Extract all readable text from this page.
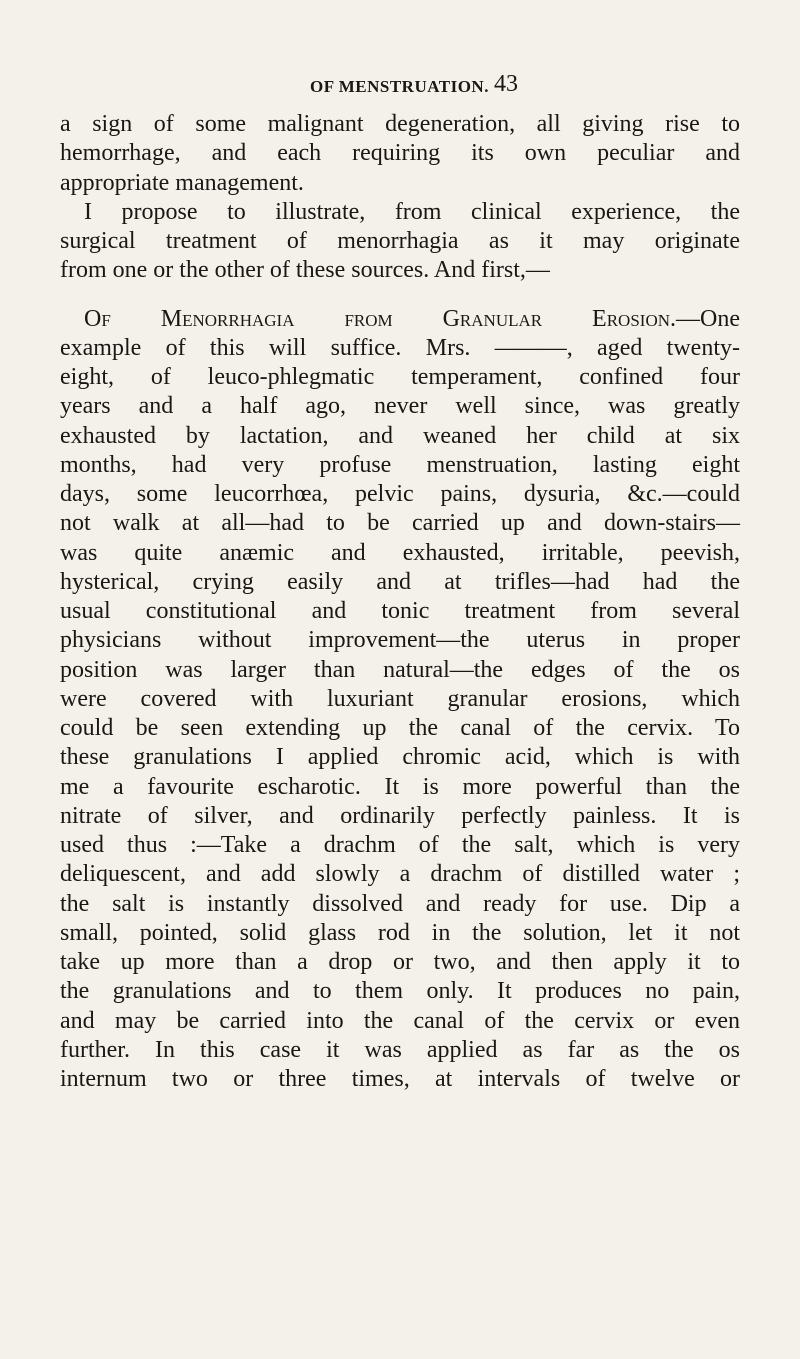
OF MENSTRUATION. 43
a sign of some malignant degeneration, all giving rise to
hemorrhage, and each requiring its own peculiar and
appropriate management.
I propose to illustrate, from clinical experience, the
surgical treatment of menorrhagia as it may originate
from one or the other of these sources. And first,—
Of Menorrhagia from Granular Erosion.—One
example of this will suffice. Mrs. ———, aged twenty-
eight, of leuco-phlegmatic temperament, confined four
years and a half ago, never well since, was greatly
exhausted by lactation, and weaned her child at six
months, had very profuse menstruation, lasting eight
days, some leucorrhœa, pelvic pains, dysuria, &c.—could
not walk at all—had to be carried up and down-stairs—
was quite anæmic and exhausted, irritable, peevish,
hysterical, crying easily and at trifles—had had the
usual constitutional and tonic treatment from several
physicians without improvement—the uterus in proper
position was larger than natural—the edges of the os
were covered with luxuriant granular erosions, which
could be seen extending up the canal of the cervix. To
these granulations I applied chromic acid, which is with
me a favourite escharotic. It is more powerful than the
nitrate of silver, and ordinarily perfectly painless. It is
used thus :—Take a drachm of the salt, which is very
deliquescent, and add slowly a drachm of distilled water ;
the salt is instantly dissolved and ready for use. Dip a
small, pointed, solid glass rod in the solution, let it not
take up more than a drop or two, and then apply it to
the granulations and to them only. It produces no pain,
and may be carried into the canal of the cervix or even
further. In this case it was applied as far as the os
internum two or three times, at intervals of twelve or
